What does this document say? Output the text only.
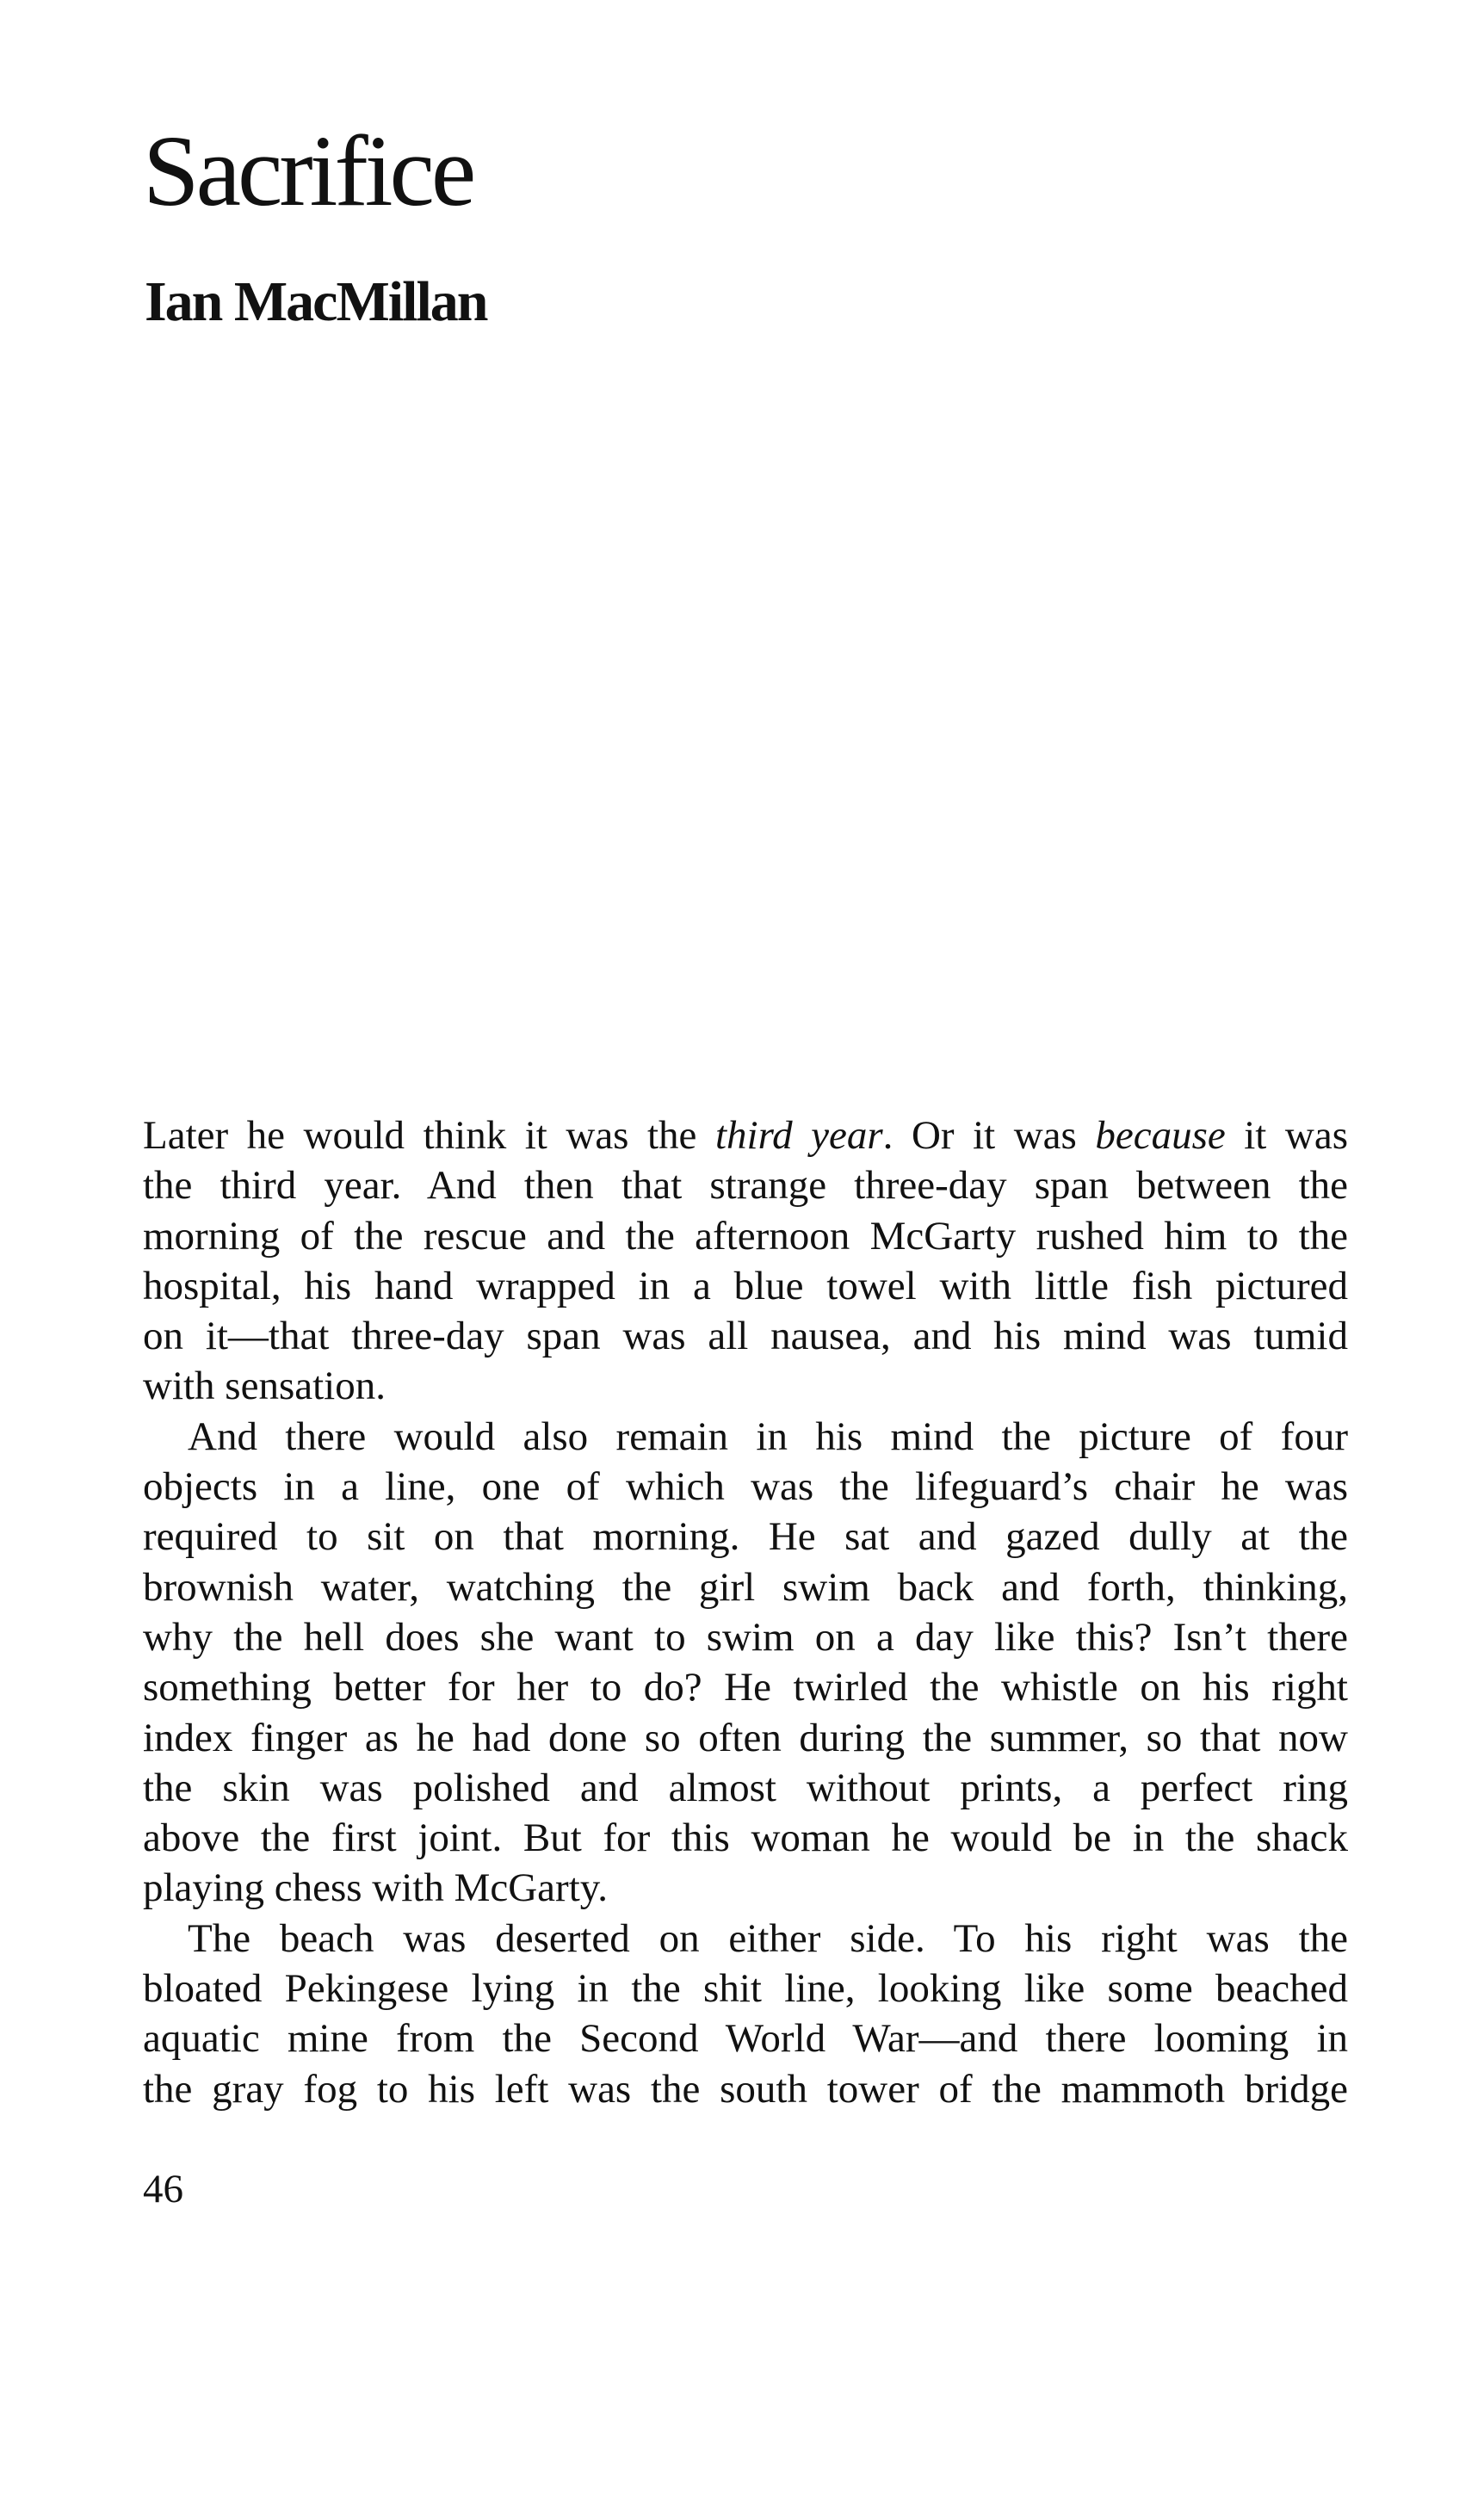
Sacrifice
Ian MacMillan
Later he would think it was the third year. Or it was because it was
the third year. And then that strange three-day span between the
morning of the rescue and the afternoon McGarty rushed him to the
hospital, his hand wrapped in a blue towel with little fish pictured
on it—that three-day span was all nausea, and his mind was tumid
with sensation.
And there would also remain in his mind the picture of four
objects in a line, one of which was the lifeguard’s chair he was
required to sit on that morning. He sat and gazed dully at the
brownish water, watching the girl swim back and forth, thinking,
why the hell does she want to swim on a day like this? Isn’t there
something better for her to do? He twirled the whistle on his right
index finger as he had done so often during the summer, so that now
the skin was polished and almost without prints, a perfect ring
above the first joint. But for this woman he would be in the shack
playing chess with McGarty.
The beach was deserted on either side. To his right was the
bloated Pekingese lying in the shit line, looking like some beached
aquatic mine from the Second World War—and there looming in
the gray fog to his left was the south tower of the mammoth bridge
46
